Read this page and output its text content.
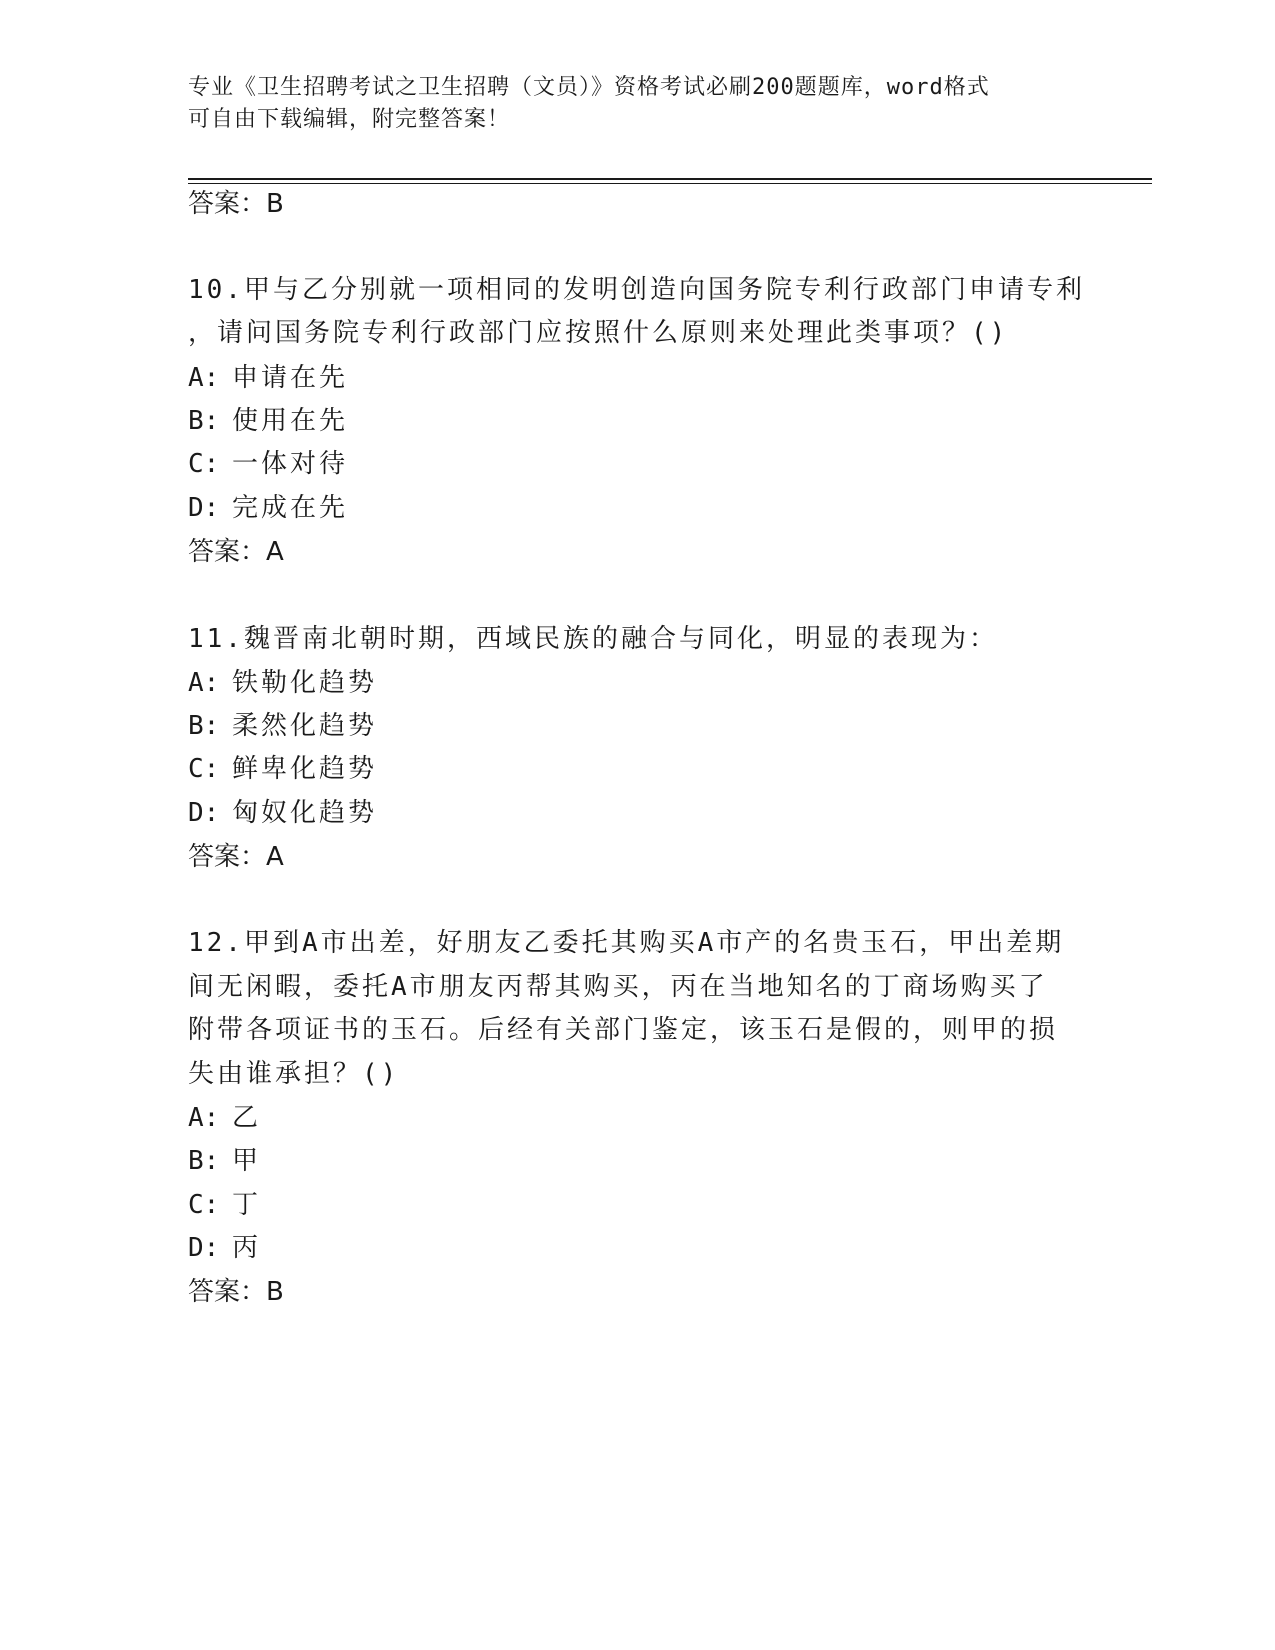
专业《卫生招聘考试之卫生招聘（文员）》资格考试必刷200题题库，word格式
可自由下载编辑，附完整答案！
答案：B
10.甲与乙分别就一项相同的发明创造向国务院专利行政部门申请专利
，请问国务院专利行政部门应按照什么原则来处理此类事项？()
A: 申请在先
B: 使用在先
C: 一体对待
D: 完成在先
答案：A
11.魏晋南北朝时期，西域民族的融合与同化，明显的表现为：
A: 铁勒化趋势
B: 柔然化趋势
C: 鲜卑化趋势
D: 匈奴化趋势
答案：A
12.甲到A市出差，好朋友乙委托其购买A市产的名贵玉石，甲出差期
间无闲暇，委托A市朋友丙帮其购买，丙在当地知名的丁商场购买了
附带各项证书的玉石。后经有关部门鉴定，该玉石是假的，则甲的损
失由谁承担？()
A: 乙
B: 甲
C: 丁
D: 丙
答案：B
